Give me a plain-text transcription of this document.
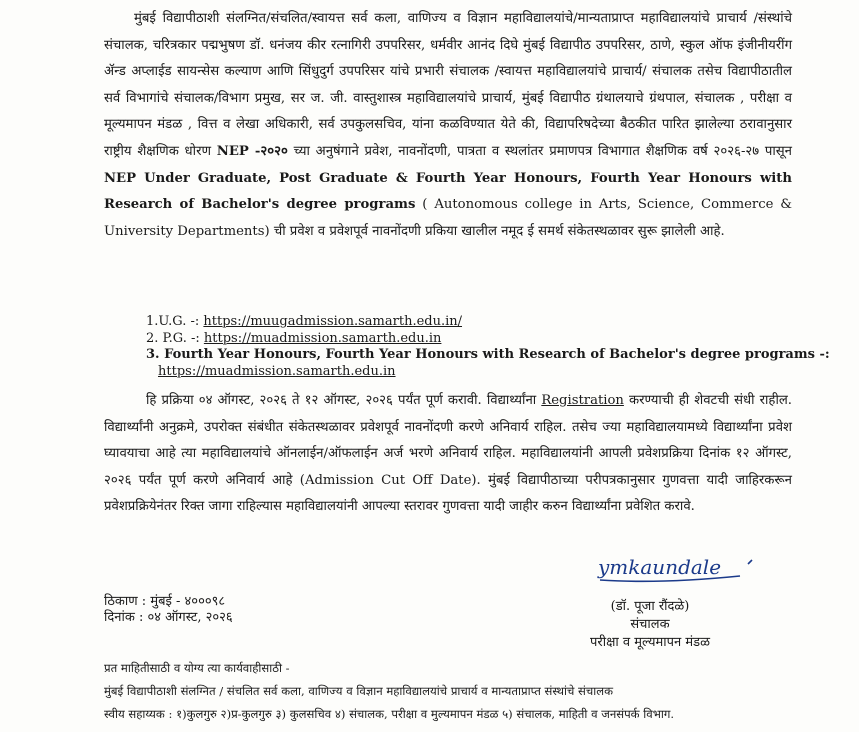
मुंबई विद्यापीठाशी संलग्नित/संचलित/स्वायत्त सर्व कला, वाणिज्य व विज्ञान महाविद्यालयांचे/मान्यताप्राप्त महाविद्यालयांचे प्राचार्य /संस्थांचे संचालक, चरित्रकार पद्मभुषण डॉ. धनंजय कीर रत्नागिरी उपपरिसर, धर्मवीर आनंद दिघे मुंबई विद्यापीठ उपपरिसर, ठाणे, स्कुल ऑफ इंजीनीयरींग ॲन्ड अप्लाईड सायन्सेस कल्याण आणि सिंधुदुर्ग उपपरिसर यांचे प्रभारी संचालक /स्वायत्त महाविद्यालयांचे प्राचार्य/ संचालक तसेच विद्यापीठातील सर्व विभागांचे संचालक/विभाग प्रमुख, सर ज. जी. वास्तुशास्त्र महाविद्यालयांचे प्राचार्य, मुंबई विद्यापीठ ग्रंथालयाचे ग्रंथपाल, संचालक , परीक्षा व मूल्यमापन मंडळ , वित्त व लेखा अधिकारी, सर्व उपकुलसचिव, यांना कळविण्यात येते की, विद्यापरिषदेच्या बैठकीत पारित झालेल्या ठरावानुसार राष्ट्रीय शैक्षणिक धोरण NEP -२०२० च्या अनुषंगाने प्रवेश, नावनोंदणी, पात्रता व स्थलांतर प्रमाणपत्र विभागात शैक्षणिक वर्ष २०२६-२७ पासून NEP Under Graduate, Post Graduate & Fourth Year Honours, Fourth Year Honours with Research of Bachelor's degree programs ( Autonomous college in Arts, Science, Commerce & University Departments) ची प्रवेश व प्रवेशपूर्व नावनोंदणी प्रकिया खालील नमूद ई समर्थ संकेतस्थळावर सुरू झालेली आहे.
1.U.G. -: https://muugadmission.samarth.edu.in/
2. P.G. -: https://muadmission.samarth.edu.in
3. Fourth Year Honours, Fourth Year Honours with Research of Bachelor's degree programs -:
https://muadmission.samarth.edu.in
हि प्रक्रिया ०४ ऑगस्ट, २०२६ ते १२ ऑगस्ट, २०२६ पर्यंत पूर्ण करावी. विद्यार्थ्यांना Registration करण्याची ही शेवटची संधी राहील. विद्यार्थ्यांनी अनुक्रमे, उपरोक्त संबंधीत संकेतस्थळावर प्रवेशपूर्व नावनोंदणी करणे अनिवार्य राहिल. तसेच ज्या महाविद्यालयामध्ये विद्यार्थ्यांना प्रवेश घ्यावयाचा आहे त्या महाविद्यालयांचे ऑनलाईन/ऑफलाईन अर्ज भरणे अनिवार्य राहिल. महाविद्यालयांनी आपली प्रवेशप्रक्रिया दिनांक १२ ऑगस्ट, २०२६ पर्यंत पूर्ण करणे अनिवार्य आहे (Admission Cut Off Date). मुंबई विद्यापीठाच्या परीपत्रकानुसार गुणवत्ता यादी जाहिरकरून प्रवेशप्रक्रियेनंतर रिक्त जागा राहिल्यास महाविद्यालयांनी आपल्या स्तरावर गुणवत्ता यादी जाहीर करुन विद्यार्थ्यांना प्रवेशित करावे.
ymkaundale
ठिकाण : मुंबई - ४०००९८
दिनांक : ०४ ऑगस्ट, २०२६
(डॉ. पूजा रौंदळे)
संचालक
परीक्षा व मूल्यमापन मंडळ
प्रत माहितीसाठी व योग्य त्या कार्यवाहीसाठी -
मुंबई विद्यापीठाशी संलग्नित / संचलित सर्व कला, वाणिज्य व विज्ञान महाविद्यालयांचे प्राचार्य व मान्यताप्राप्त संस्थांचे संचालक
स्वीय सहाय्यक : १)कुलगुरु २)प्र-कुलगुरु ३) कुलसचिव ४) संचालक, परीक्षा व मुल्यमापन मंडळ ५) संचालक, माहिती व जनसंपर्क विभाग.
